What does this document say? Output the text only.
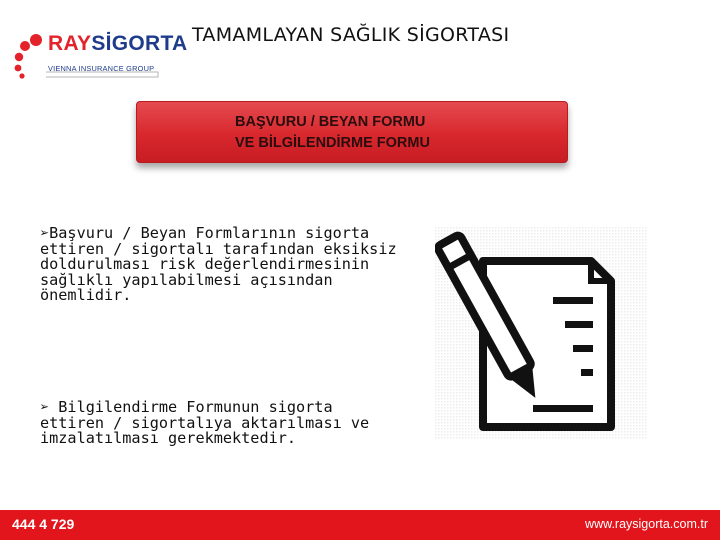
RAYSİGORTA
VIENNA INSURANCE GROUP
TAMAMLAYAN SAĞLIK SİGORTASI
BAŞVURU / BEYAN FORMU
VE BİLGİLENDİRME FORMU
➢Başvuru / Beyan Formlarının sigorta
ettiren / sigortalı tarafından eksiksiz
doldurulması risk değerlendirmesinin
sağlıklı yapılabilmesi açısından
önemlidir.
➢ Bilgilendirme Formunun sigorta
ettiren / sigortalıya aktarılması ve
imzalatılması gerekmektedir.
444 4 729	www.raysigorta.com.tr
